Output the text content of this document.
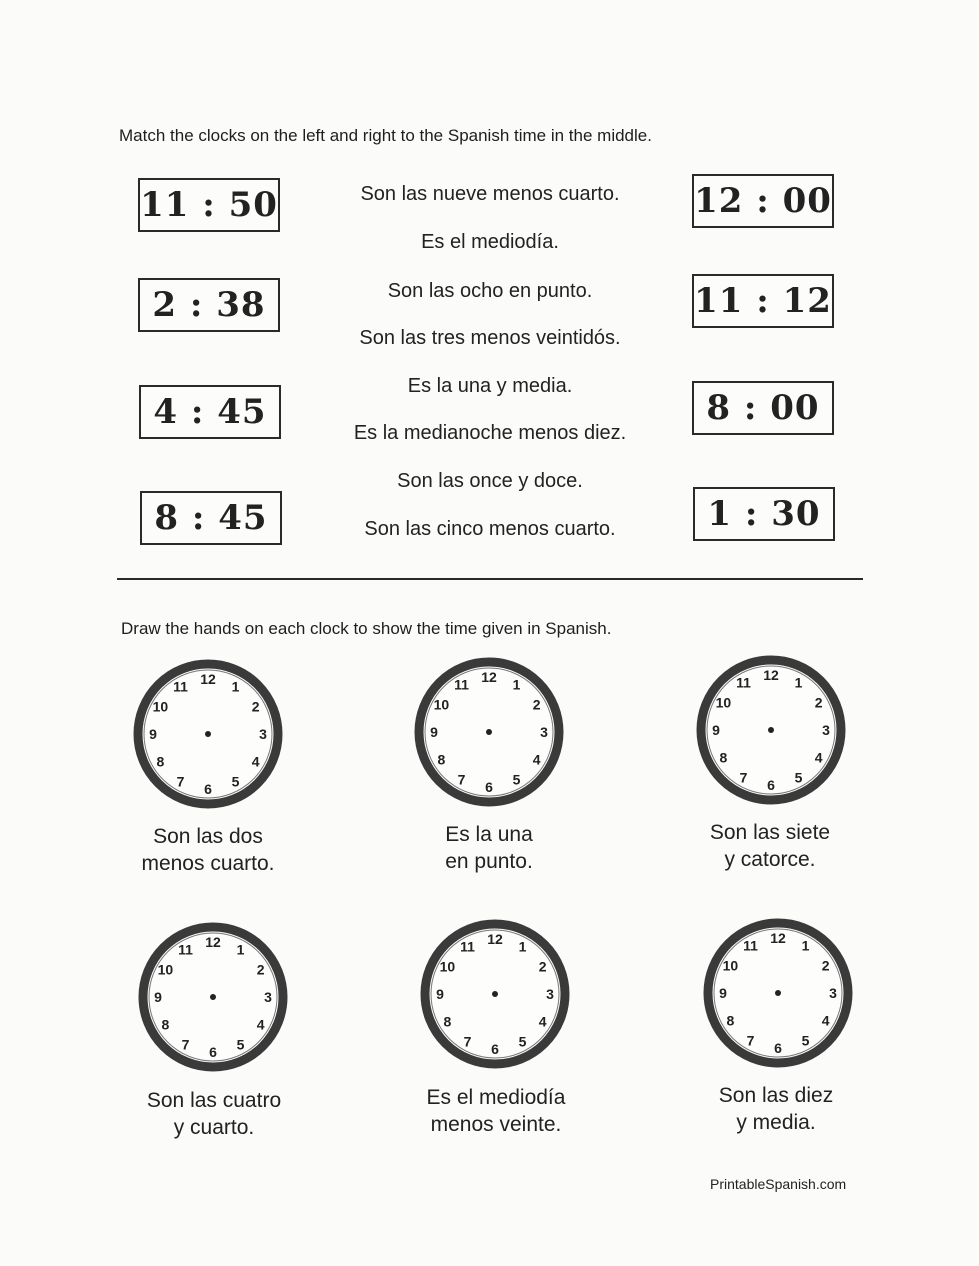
Match the clocks on the left and right to the Spanish time in the middle.
11 : 50
2 : 38
4 : 45
8 : 45
Son las nueve menos cuarto.
Es el mediodía.
Son las ocho en punto.
Son las tres menos veintidós.
Es la una y media.
Es la medianoche menos diez.
Son las once y doce.
Son las cinco menos cuarto.
12 : 00
11 : 12
8 : 00
1 : 30
Draw the hands on each clock to show the time given in Spanish.
12 1
2
3
4
5
6
7
8
9
10
11
12 1
2
3
4
5
6
7
8
9
10
11
12 1
2
3
4
5
6
7
8
9
10
11
12 1
2
3
4
5
6
7
8
9
10
11
12 1
2
3
4
5
6
7
8
9
10
11
12 1
2
3
4
5
6
7
8
9
10
11
Son las dos
menos cuarto.
Es la una
en punto.
Son las siete
y catorce.
Son las cuatro
y cuarto.
Es el mediodía
menos veinte.
Son las diez
y media.
PrintableSpanish.com
